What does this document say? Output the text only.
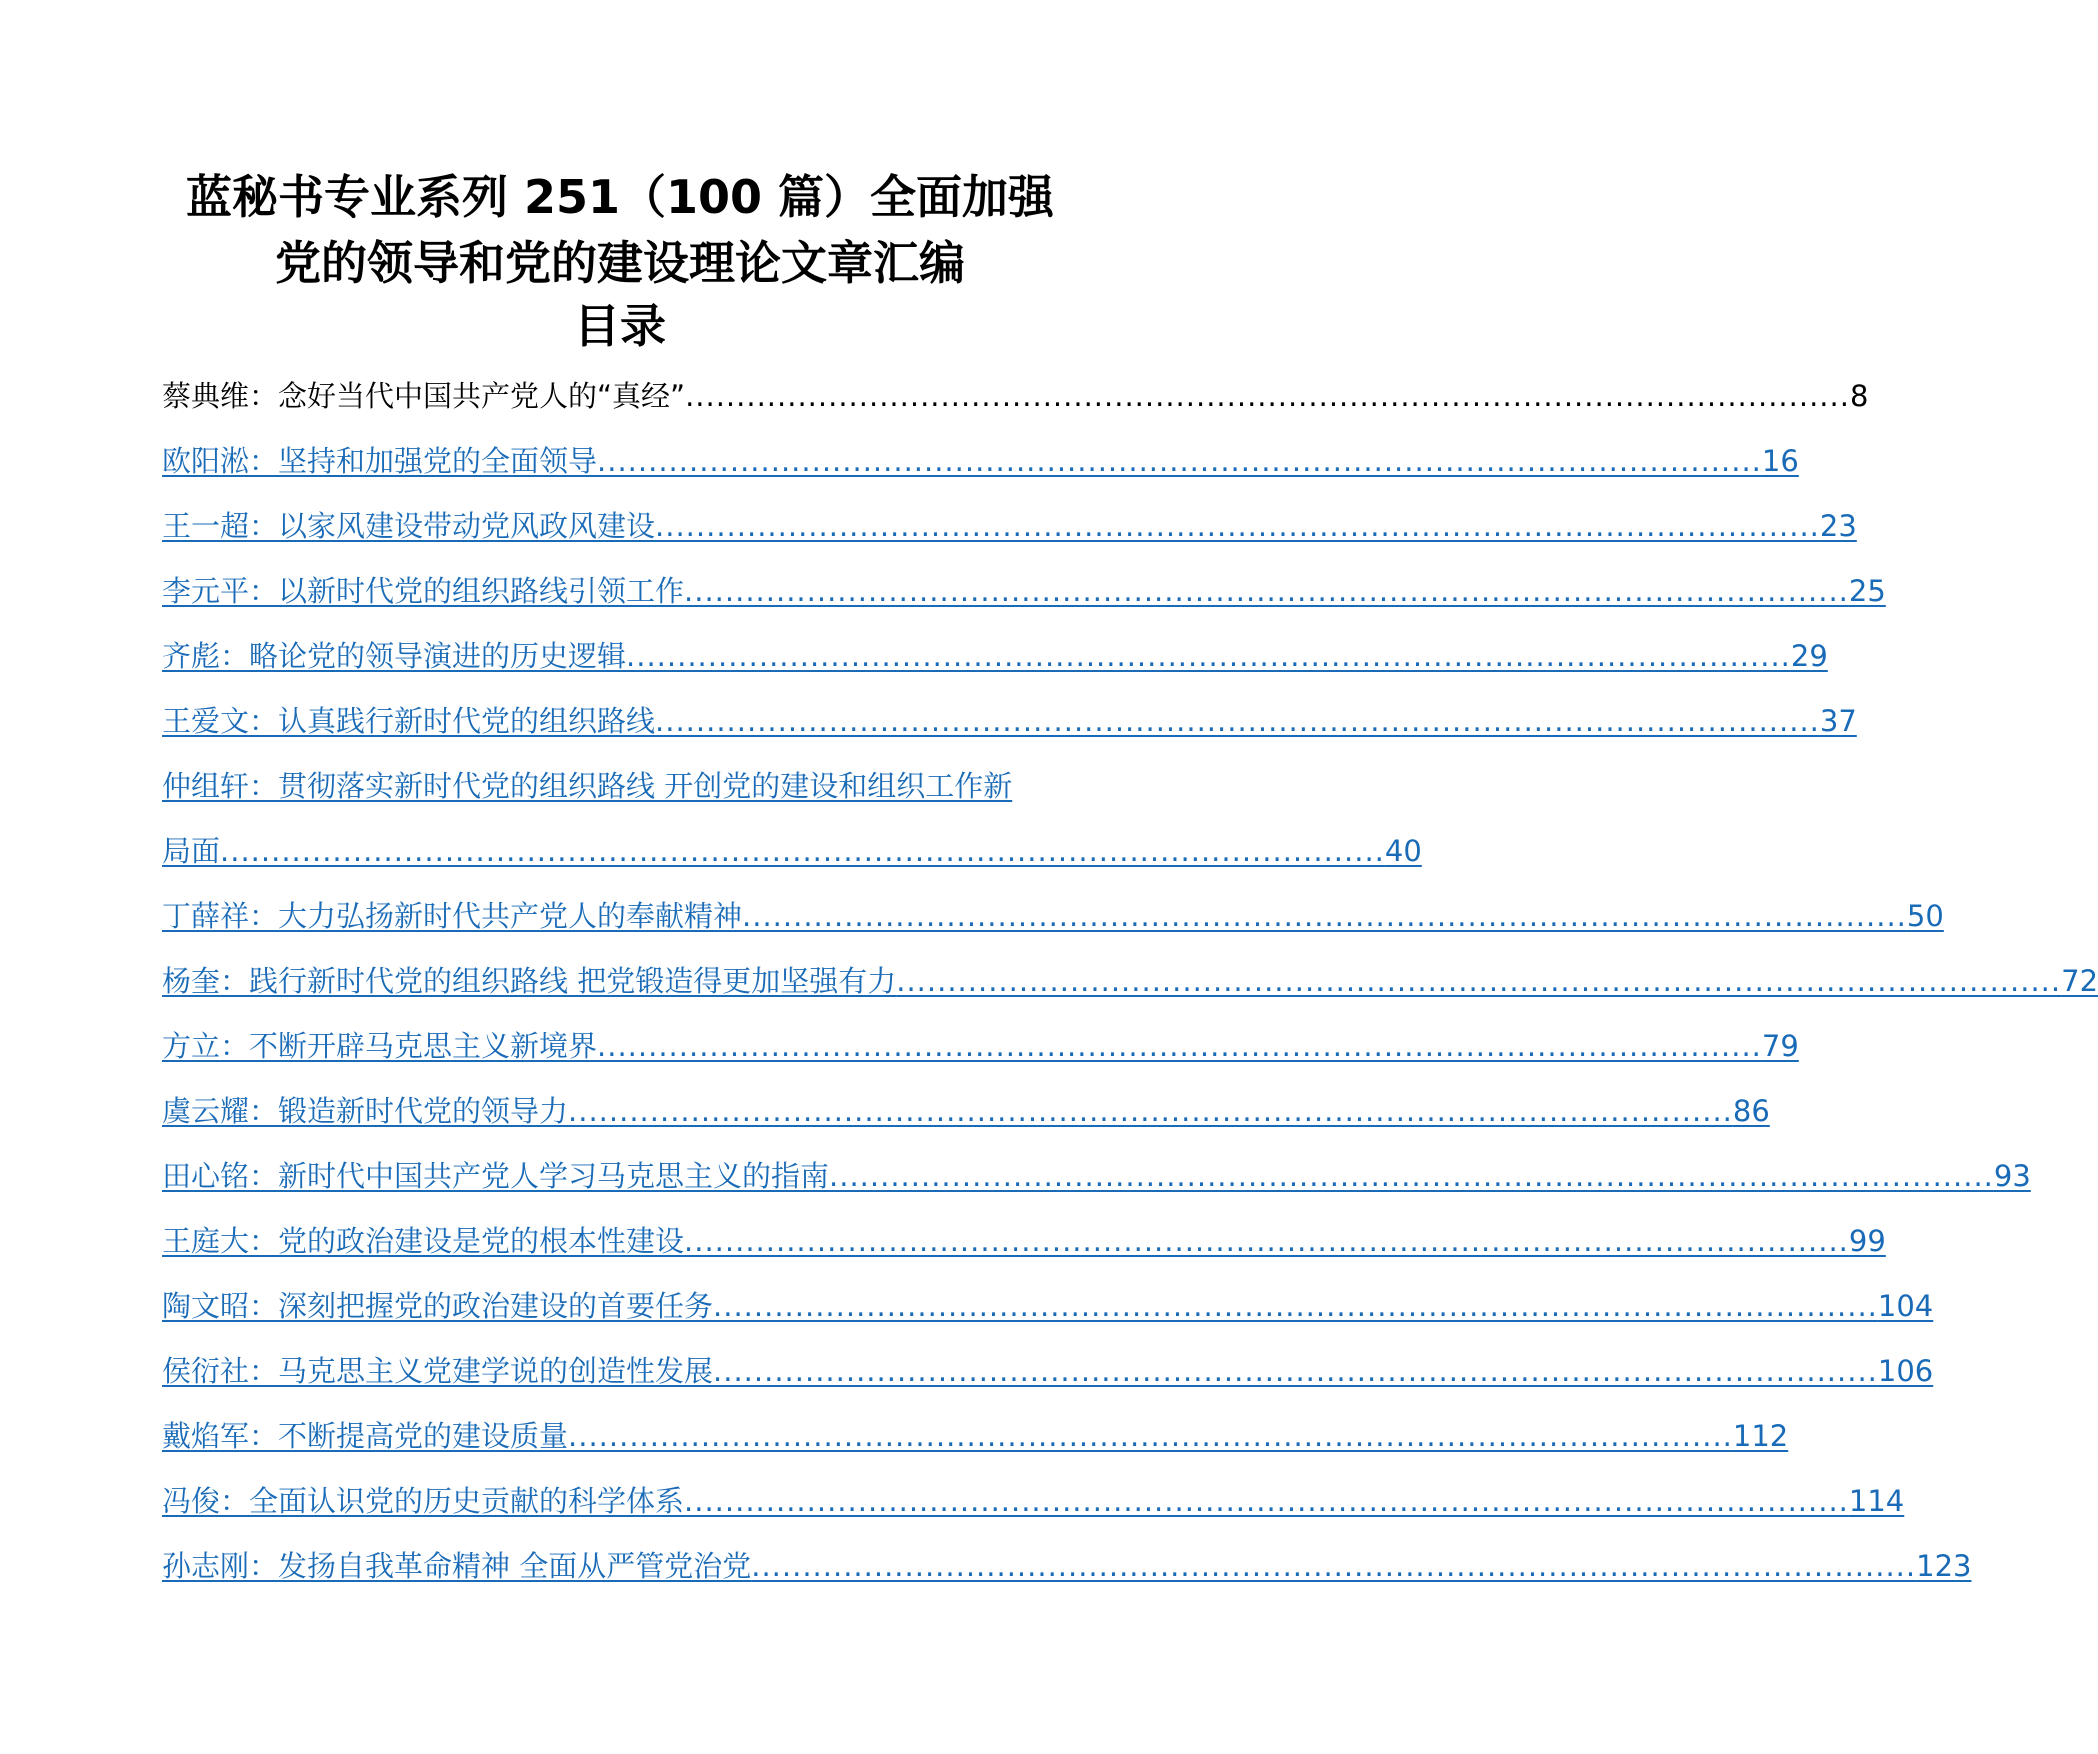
蓝秘书专业系列 251（100 篇）全面加强
党的领导和党的建设理论文章汇编
目录
蔡典维：念好当代中国共产党人的“真经” .................................................................................................................. 8
欧阳淞：坚持和加强党的全面领导 .................................................................................................................. 16
王一超：以家风建设带动党风政风建设 .................................................................................................................. 23
李元平：以新时代党的组织路线引领工作 .................................................................................................................. 25
齐彪：略论党的领导演进的历史逻辑 .................................................................................................................. 29
王爱文：认真践行新时代党的组织路线 .................................................................................................................. 37
仲组轩：贯彻落实新时代党的组织路线 开创党的建设和组织工作新
局面 .................................................................................................................. 40
丁薛祥：大力弘扬新时代共产党人的奉献精神 .................................................................................................................. 50
杨奎：践行新时代党的组织路线 把党锻造得更加坚强有力 .................................................................................................................. 72
方立：不断开辟马克思主义新境界 .................................................................................................................. 79
虞云耀：锻造新时代党的领导力 .................................................................................................................. 86
田心铭：新时代中国共产党人学习马克思主义的指南 .................................................................................................................. 93
王庭大：党的政治建设是党的根本性建设 .................................................................................................................. 99
陶文昭：深刻把握党的政治建设的首要任务 .................................................................................................................. 104
侯衍社：马克思主义党建学说的创造性发展 .................................................................................................................. 106
戴焰军：不断提高党的建设质量 .................................................................................................................. 112
冯俊：全面认识党的历史贡献的科学体系 .................................................................................................................. 114
孙志刚：发扬自我革命精神 全面从严管党治党 .................................................................................................................. 123
